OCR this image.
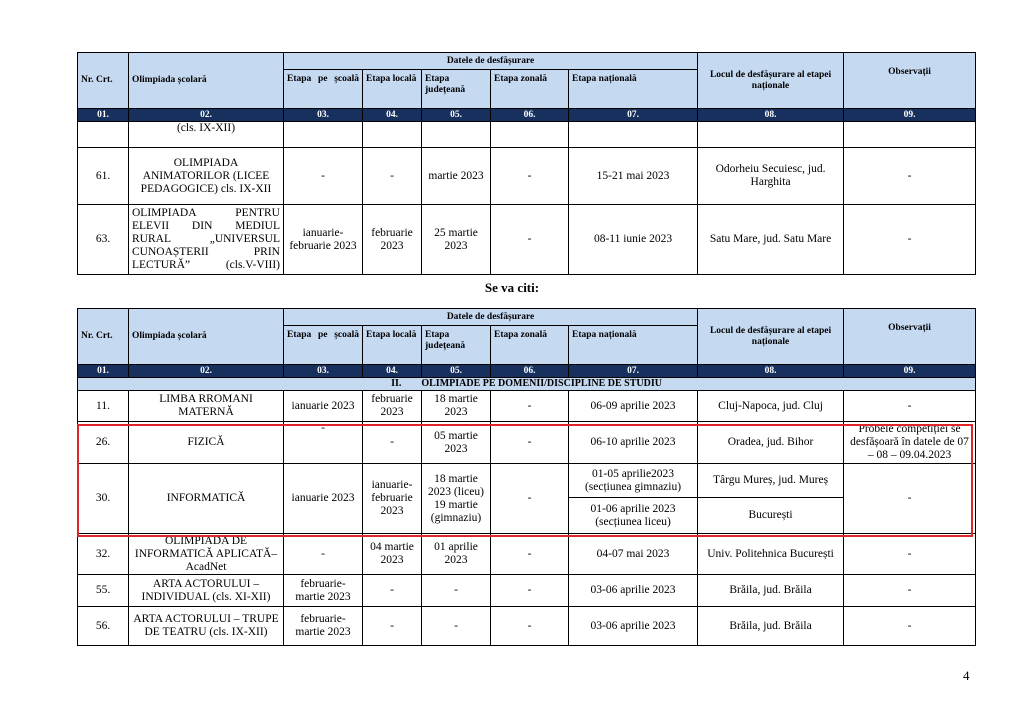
Nr. Crt.	Olimpiada școlară	Datele de desfășurare					Locul de desfășurare al etapei naționale	Observații
		Etapa pe școală	Etapa locală	Etapa județeană	Etapa zonală	Etapa națională		
01.	02.	03.	04.	05.	06.	07.	08.	09.
	(cls. IX-XII)							
61.	OLIMPIADA ANIMATORILOR (LICEE PEDAGOGICE) cls. IX-XII	-	-	martie 2023	-	15-21 mai 2023	Odorheiu Secuiesc, jud. Harghita	-
63.	OLIMPIADA PENTRU ELEVII DIN MEDIUL RURAL „UNIVERSUL CUNOAȘTERII PRIN LECTURĂ” (cls.V-VIII)	ianuarie-februarie 2023	februarie 2023	25 martie 2023	-	08-11 iunie 2023	Satu Mare, jud. Satu Mare	-
Se va citi:
Nr. Crt.	Olimpiada școlară	Datele de desfășurare					Locul de desfășurare al etapei naționale	Observații
		Etapa pe școală	Etapa locală	Etapa județeană	Etapa zonală	Etapa națională		
01.	02.	03.	04.	05.	06.	07.	08.	09.
II.        OLIMPIADE PE DOMENII/DISCIPLINE DE STUDIU								
11.	LIMBA RROMANI MATERNĂ	ianuarie 2023	februarie 2023	18 martie 2023	-	06-09 aprilie 2023	Cluj-Napoca, jud. Cluj	-
26.	FIZICĂ	-	-	05 martie 2023	-	06-10 aprilie 2023	Oradea, jud. Bihor	Probele competiției se desfășoară în datele de 07 – 08 – 09.04.2023
30.	INFORMATICĂ	ianuarie 2023	ianuarie-februarie 2023	18 martie 2023 (liceu) 19 martie (gimnaziu)	-	01-05 aprilie2023 (secțiunea gimnaziu)	Târgu Mureș, jud. Mureș	-
						01-06 aprilie 2023 (secțiunea liceu)	București	
32.	OLIMPIADA DE INFORMATICĂ APLICATĂ– AcadNet	-	04 martie 2023	01 aprilie 2023	-	04-07 mai 2023	Univ. Politehnica București	-
55.	ARTA ACTORULUI – INDIVIDUAL (cls. XI-XII)	februarie-martie 2023	-	-	-	03-06 aprilie 2023	Brăila, jud. Brăila	-
56.	ARTA ACTORULUI – TRUPE DE TEATRU (cls. IX-XII)	februarie-martie 2023	-	-	-	03-06 aprilie 2023	Brăila, jud. Brăila	-
4
